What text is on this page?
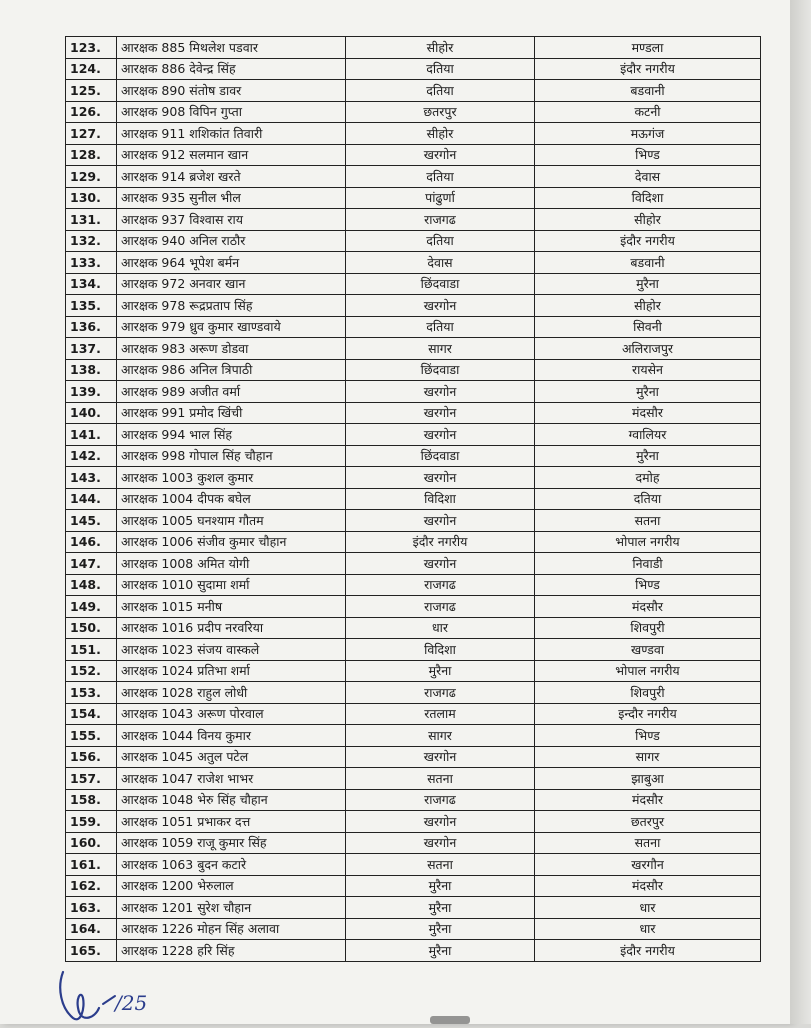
123.	आरक्षक 885 मिथलेश पडवार	सीहोर	मण्डला
124.	आरक्षक 886 देवेन्द्र सिंह	दतिया	इंदौर नगरीय
125.	आरक्षक 890 संतोष डावर	दतिया	बडवानी
126.	आरक्षक 908 विपिन गुप्ता	छतरपुर	कटनी
127.	आरक्षक 911 शशिकांत तिवारी	सीहोर	मऊगंज
128.	आरक्षक 912 सलमान खान	खरगोन	भिण्ड
129.	आरक्षक 914 ब्रजेश खरते	दतिया	देवास
130.	आरक्षक 935 सुनील भील	पांढुर्णा	विदिशा
131.	आरक्षक 937 विश्वास राय	राजगढ	सीहोर
132.	आरक्षक 940 अनिल राठौर	दतिया	इंदौर नगरीय
133.	आरक्षक 964 भूपेश बर्मन	देवास	बडवानी
134.	आरक्षक 972 अनवार खान	छिंदवाडा	मुरैना
135.	आरक्षक 978 रूद्रप्रताप सिंह	खरगोन	सीहोर
136.	आरक्षक 979 ध्रुव कुमार खाण्डवाये	दतिया	सिवनी
137.	आरक्षक 983 अरूण डोडवा	सागर	अलिराजपुर
138.	आरक्षक 986 अनिल त्रिपाठी	छिंदवाडा	रायसेन
139.	आरक्षक 989 अजीत वर्मा	खरगोन	मुरैना
140.	आरक्षक 991 प्रमोद खिंची	खरगोन	मंदसौर
141.	आरक्षक 994 भाल सिंह	खरगोन	ग्वालियर
142.	आरक्षक 998 गोपाल सिंह चौहान	छिंदवाडा	मुरैना
143.	आरक्षक 1003 कुशल कुमार	खरगोन	दमोह
144.	आरक्षक 1004 दीपक बघेल	विदिशा	दतिया
145.	आरक्षक 1005 घनश्याम गौतम	खरगोन	सतना
146.	आरक्षक 1006 संजीव कुमार चौहान	इंदौर नगरीय	भोपाल नगरीय
147.	आरक्षक 1008 अमित योगी	खरगोन	निवाडी
148.	आरक्षक 1010 सुदामा शर्मा	राजगढ	भिण्ड
149.	आरक्षक 1015 मनीष	राजगढ	मंदसौर
150.	आरक्षक 1016 प्रदीप नरवरिया	धार	शिवपुरी
151.	आरक्षक 1023 संजय वास्कले	विदिशा	खण्डवा
152.	आरक्षक 1024 प्रतिभा शर्मा	मुरैना	भोपाल नगरीय
153.	आरक्षक 1028 राहुल लोधी	राजगढ	शिवपुरी
154.	आरक्षक 1043 अरूण पोरवाल	रतलाम	इन्दौर नगरीय
155.	आरक्षक 1044 विनय कुमार	सागर	भिण्ड
156.	आरक्षक 1045 अतुल पटेल	खरगोन	सागर
157.	आरक्षक 1047 राजेश भाभर	सतना	झाबुआ
158.	आरक्षक 1048 भेरु सिंह चौहान	राजगढ	मंदसौर
159.	आरक्षक 1051 प्रभाकर दत्त	खरगोन	छतरपुर
160.	आरक्षक 1059 राजू कुमार सिंह	खरगोन	सतना
161.	आरक्षक 1063 बुदन कटारे	सतना	खरगौन
162.	आरक्षक 1200 भेरुलाल	मुरैना	मंदसौर
163.	आरक्षक 1201 सुरेश चौहान	मुरैना	धार
164.	आरक्षक 1226 मोहन सिंह अलावा	मुरैना	धार
165.	आरक्षक 1228 हरि सिंह	मुरैना	इंदौर नगरीय
/25
